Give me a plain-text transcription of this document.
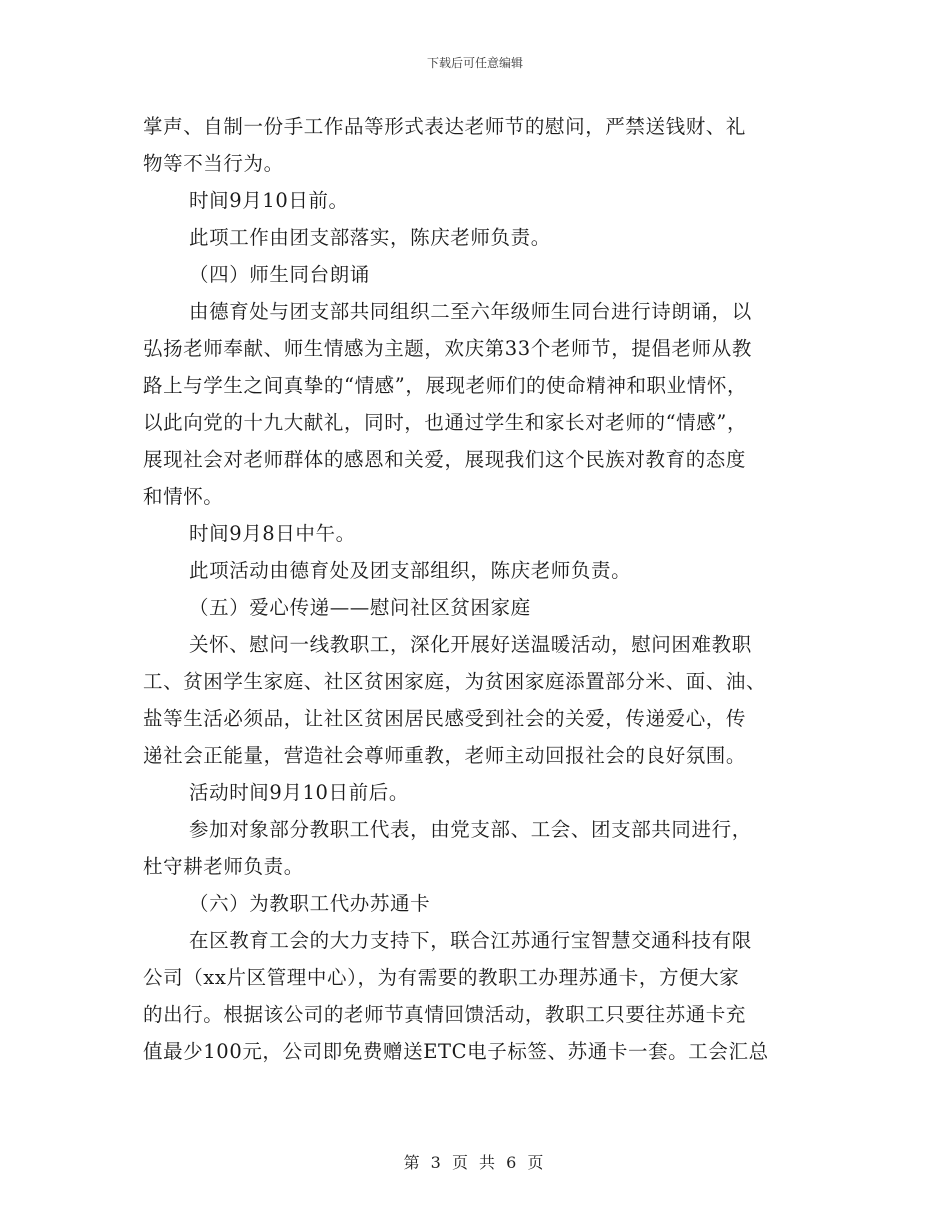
下载后可任意编辑
掌声、自制一份手工作品等形式表达老师节的慰问，严禁送钱财、礼
物等不当行为。
时间9月10日前。
此项工作由团支部落实，陈庆老师负责。
（四）师生同台朗诵
由德育处与团支部共同组织二至六年级师生同台进行诗朗诵，以
弘扬老师奉献、师生情感为主题，欢庆第33个老师节，提倡老师从教
路上与学生之间真挚的“情感”，展现老师们的使命精神和职业情怀，
以此向党的十九大献礼，同时，也通过学生和家长对老师的“情感”，
展现社会对老师群体的感恩和关爱，展现我们这个民族对教育的态度
和情怀。
时间9月8日中午。
此项活动由德育处及团支部组织，陈庆老师负责。
（五）爱心传递——慰问社区贫困家庭
关怀、慰问一线教职工，深化开展好送温暖活动，慰问困难教职
工、贫困学生家庭、社区贫困家庭，为贫困家庭添置部分米、面、油、
盐等生活必须品，让社区贫困居民感受到社会的关爱，传递爱心，传
递社会正能量，营造社会尊师重教，老师主动回报社会的良好氛围。
活动时间9月10日前后。
参加对象部分教职工代表，由党支部、工会、团支部共同进行，
杜守耕老师负责。
（六）为教职工代办苏通卡
在区教育工会的大力支持下，联合江苏通行宝智慧交通科技有限
公司（xx片区管理中心），为有需要的教职工办理苏通卡，方便大家
的出行。根据该公司的老师节真情回馈活动，教职工只要往苏通卡充
值最少100元，公司即免费赠送ETC电子标签、苏通卡一套。工会汇总
第 3 页 共 6 页
